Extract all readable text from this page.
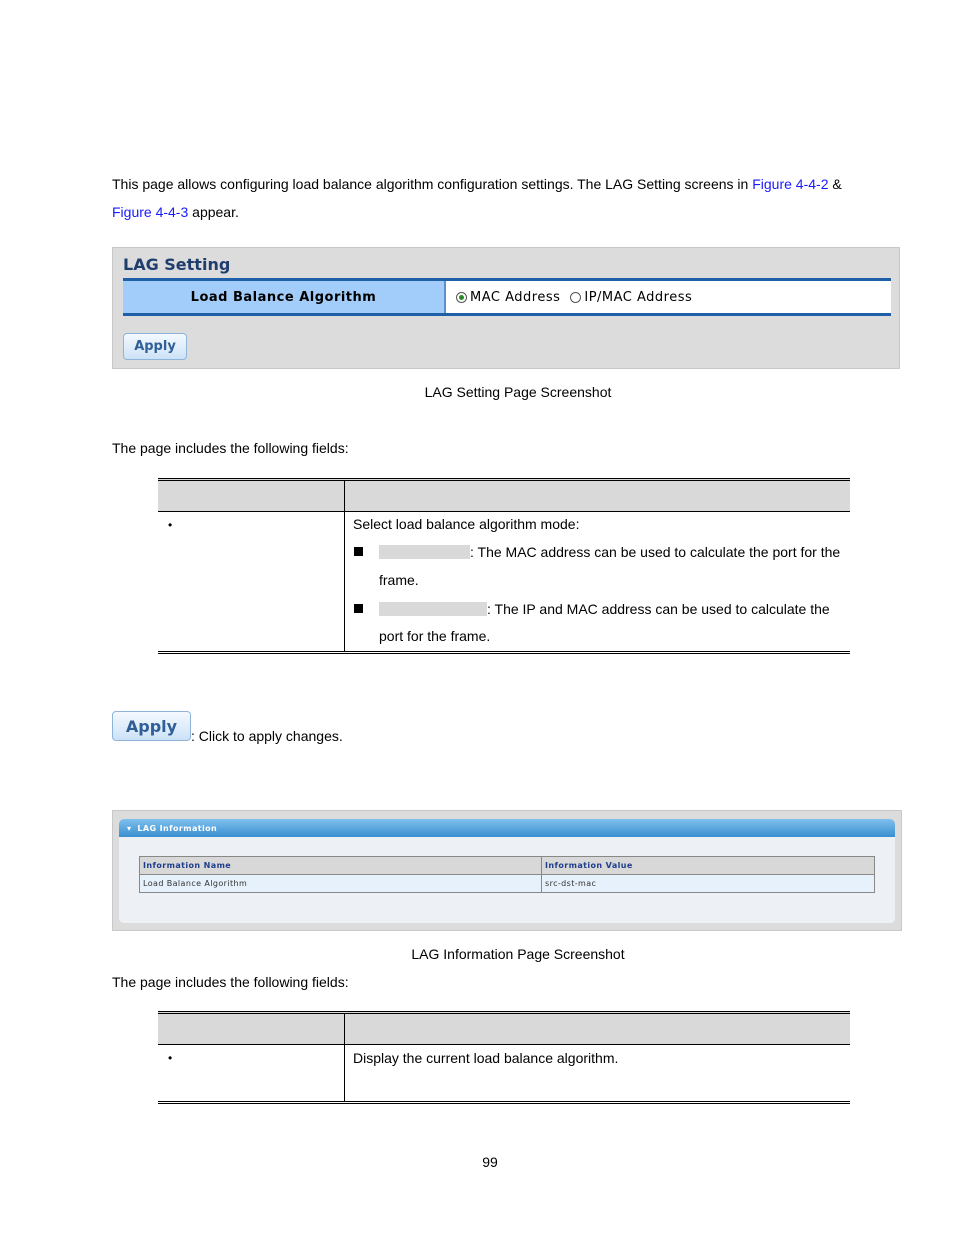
This page allows configuring load balance algorithm configuration settings. The LAG Setting screens in Figure 4-4-2 &
Figure 4-4-3 appear.
LAG Setting
Load Balance Algorithm	MAC Address IP/MAC Address
Apply
LAG Setting Page Screenshot
The page includes the following fields:
•	Select load balance algorithm mode:
: The MAC address can be used to calculate the port for the
frame.
: The IP and MAC address can be used to calculate the
port for the frame.
Apply
: Click to apply changes.
▾ LAG Information
Information Name	Information Value
Load Balance Algorithm	src-dst-mac
LAG Information Page Screenshot
The page includes the following fields:
•	Display the current load balance algorithm.
99
